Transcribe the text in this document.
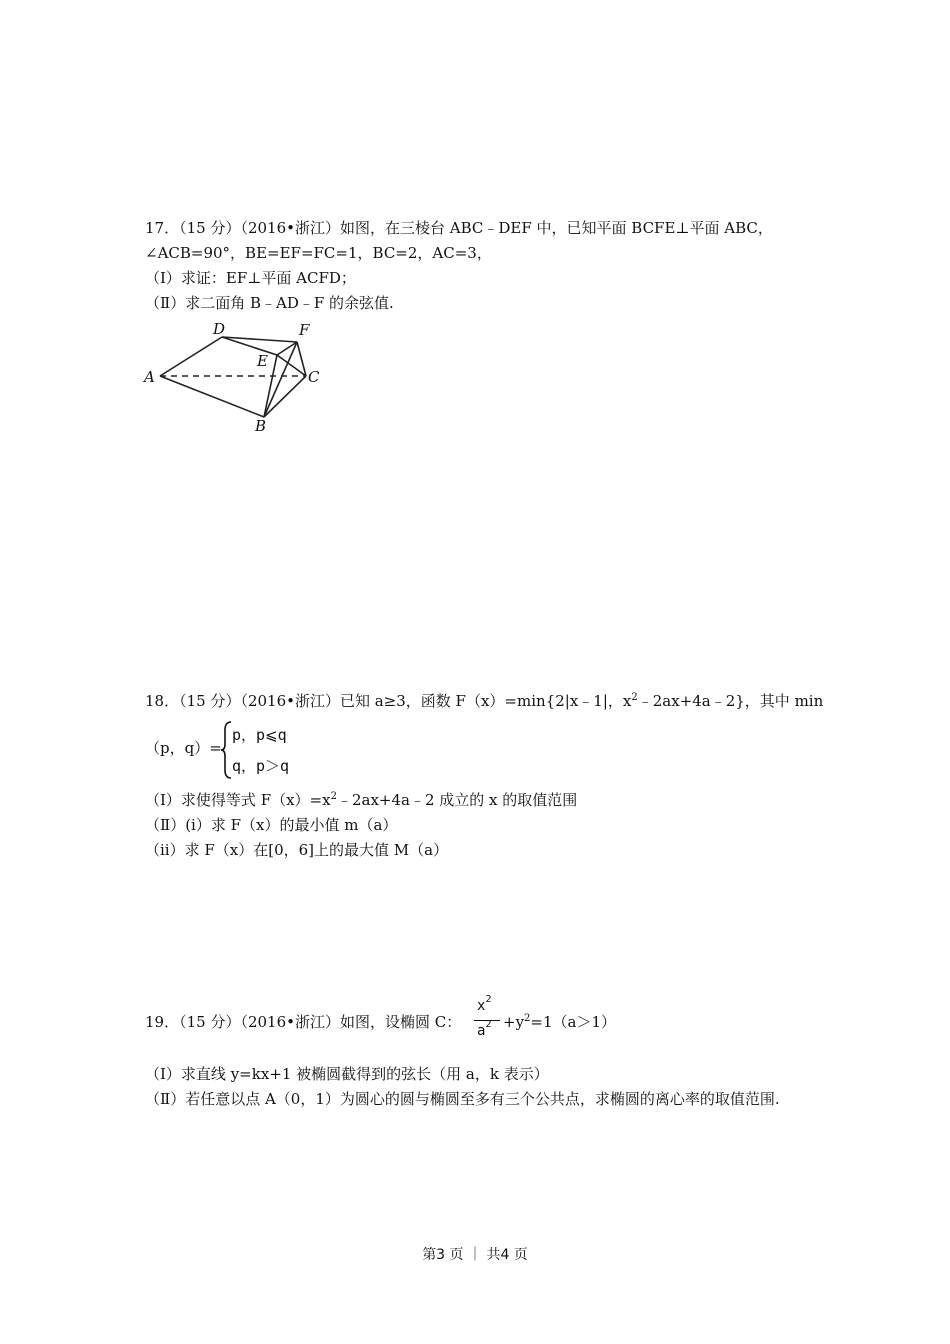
17．（15 分）（2016•浙江）如图，在三棱台 ABC﹣DEF 中，已知平面 BCFE⊥平面 ABC，
∠ACB=90°，BE=EF=FC=1，BC=2，AC=3，
（Ⅰ）求证：EF⊥平面 ACFD；
（Ⅱ）求二面角 B﹣AD﹣F 的余弦值.
A
B
C
D
E
F
18．（15 分）（2016•浙江）已知 a≥3，函数 F（x）=min{2|x﹣1|，$x^2﹣2ax+4a﹣2$}，其中 min
（p，q）=
p，p⩽q
q，p＞q
（Ⅰ）求使得等式 $F(x)=x^2﹣2ax+4a﹣2$ 成立的 x 的取值范围
（Ⅱ）(i）求 F（x）的最小值 m（a）
（ii）求 F（x）在[0，6]上的最大值 M（a）
19．（15 分）（2016•浙江）如图，设椭圆 C：
$x^2$
$a^2 +y^2=1(a>1)$
（Ⅰ）求直线 y=kx+1 被椭圆截得到的弦长（用 a，k 表示）
（Ⅱ）若任意以点 A（0，1）为圆心的圆与椭圆至多有三个公共点，求椭圆的离心率的取值范围.
第3 页 ｜ 共4 页
